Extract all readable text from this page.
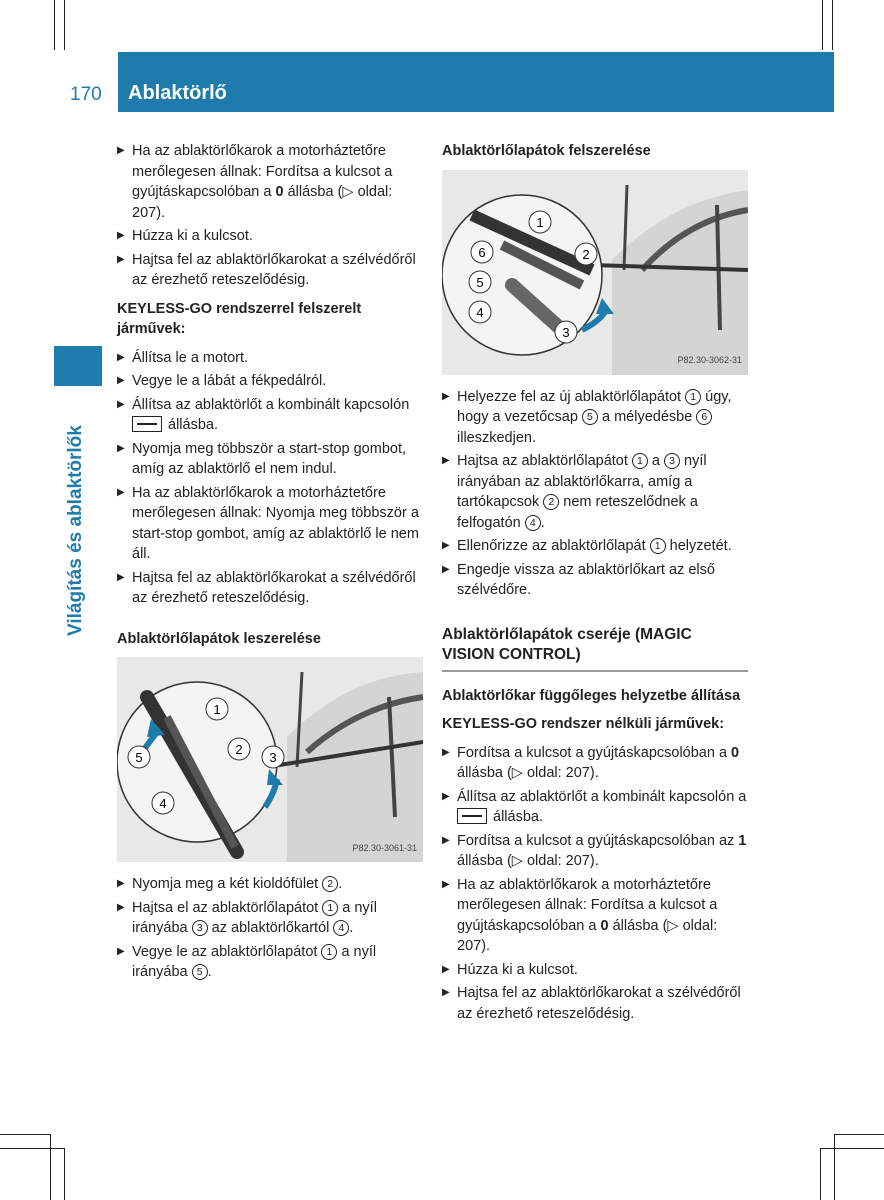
170 Ablaktörlő
Világítás és ablaktörlők
▶ Ha az ablaktörlőkarok a motorháztetőre merőlegesen állnak: Fordítsa a kulcsot a gyújtáskapcsolóban a 0 állásba (▷ oldal: 207).
▶ Húzza ki a kulcsot.
▶ Hajtsa fel az ablaktörlőkarokat a szélvédőről az érezhető reteszelődésig.
KEYLESS-GO rendszerrel felszerelt járművek:
▶ Állítsa le a motort.
▶ Vegye le a lábát a fékpedálról.
▶ Állítsa az ablaktörlőt a kombinált kapcsolón
állásba.
▶ Nyomja meg többször a start-stop gombot, amíg az ablaktörlő el nem indul.
▶ Ha az ablaktörlőkarok a motorháztetőre merőlegesen állnak: Nyomja meg többször a start-stop gombot, amíg az ablaktörlő le nem áll.
▶ Hajtsa fel az ablaktörlőkarokat a szélvédőről az érezhető reteszelődésig.
Ablaktörlőlapátok leszerelése
1
2
3
4
5
P82.30-3061-31
▶ Nyomja meg a két kioldófület 2 .
▶ Hajtsa el az ablaktörlőlapátot 1 a nyíl irányába 3 az ablaktörlőkartól 4 .
▶ Vegye le az ablaktörlőlapátot 1 a nyíl irányába 5 .
Ablaktörlőlapátok felszerelése
1
2
3
4
5
6
P82.30-3062-31
▶ Helyezze fel az új ablaktörlőlapátot 1 úgy, hogy a vezetőcsap 5 a mélyedésbe 6 illeszkedjen.
▶ Hajtsa az ablaktörlőlapátot 1 a 3 nyíl irányában az ablaktörlőkarra, amíg a tartókapcsok 2 nem reteszelődnek a felfogatón 4 .
▶ Ellenőrizze az ablaktörlőlapát 1 helyzetét.
▶ Engedje vissza az ablaktörlőkart az első szélvédőre.
Ablaktörlőlapátok cseréje (MAGIC VISION CONTROL)
Ablaktörlőkar függőleges helyzetbe állítása
KEYLESS-GO rendszer nélküli járművek:
▶ Fordítsa a kulcsot a gyújtáskapcsolóban a 0 állásba (▷ oldal: 207).
▶ Állítsa az ablaktörlőt a kombinált kapcsolón a állásba.
▶ Fordítsa a kulcsot a gyújtáskapcsolóban az 1 állásba (▷ oldal: 207).
▶ Ha az ablaktörlőkarok a motorháztetőre merőlegesen állnak: Fordítsa a kulcsot a gyújtáskapcsolóban a 0 állásba (▷ oldal: 207).
▶ Húzza ki a kulcsot.
▶ Hajtsa fel az ablaktörlőkarokat a szélvédőről az érezhető reteszelődésig.
